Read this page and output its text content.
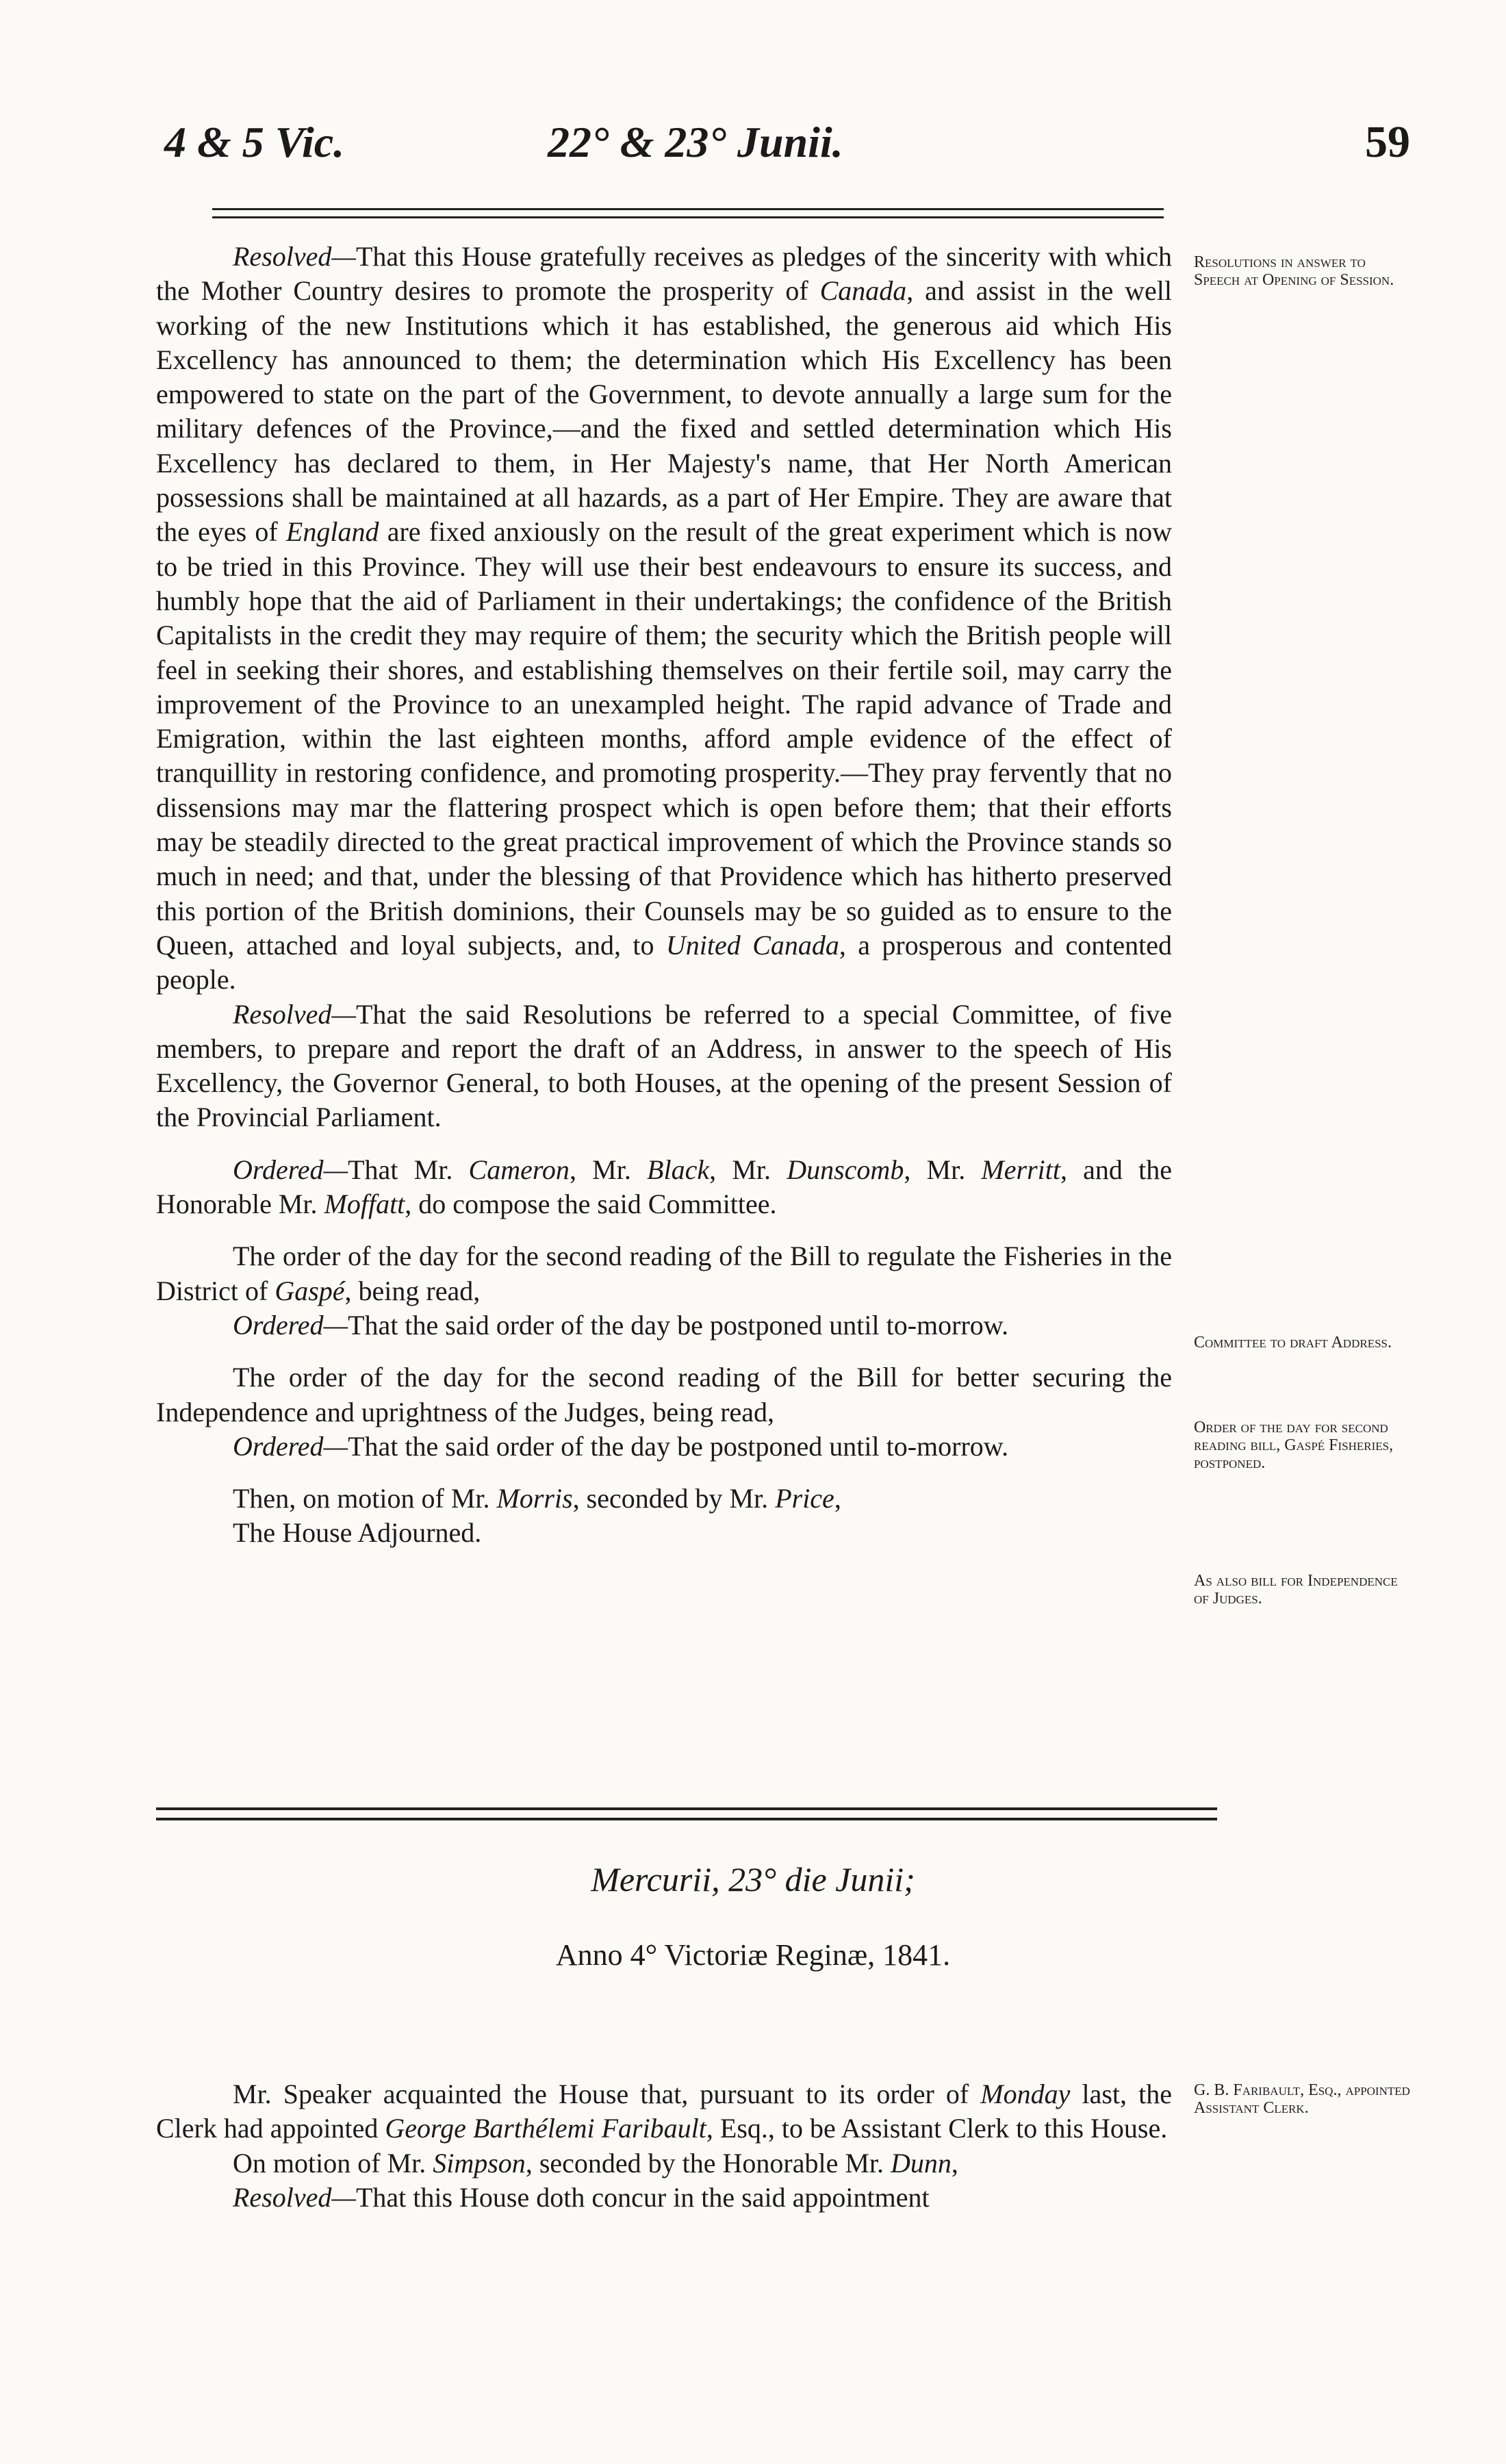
4 & 5 Vic.	22° & 23° Junii.	59

Resolved—That this House gratefully receives as pledges of the sincerity with which the Mother Country desires to promote the prosperity of Canada, and assist in the well working of the new Institutions which it has established, the generous aid which His Excellency has announced to them; the determination which His Excellency has been empowered to state on the part of the Government, to devote annually a large sum for the military defences of the Province,—and the fixed and settled determination which His Excellency has declared to them, in Her Majesty's name, that Her North American possessions shall be maintained at all hazards, as a part of Her Empire. They are aware that the eyes of England are fixed anxiously on the result of the great experiment which is now to be tried in this Province. They will use their best endeavours to ensure its success, and humbly hope that the aid of Parliament in their undertakings; the confidence of the British Capitalists in the credit they may require of them; the security which the British people will feel in seeking their shores, and establishing themselves on their fertile soil, may carry the improvement of the Province to an unexampled height. The rapid advance of Trade and Emigration, within the last eighteen months, afford ample evidence of the effect of tranquillity in restoring confidence, and promoting prosperity.—They pray fervently that no dissensions may mar the flattering prospect which is open before them; that their efforts may be steadily directed to the great practical improvement of which the Province stands so much in need; and that, under the blessing of that Providence which has hitherto preserved this portion of the British dominions, their Counsels may be so guided as to ensure to the Queen, attached and loyal subjects, and, to United Canada, a prosperous and contented people.

Resolved—That the said Resolutions be referred to a special Committee, of five members, to prepare and report the draft of an Address, in answer to the speech of His Excellency, the Governor General, to both Houses, at the opening of the present Session of the Provincial Parliament.

Ordered—That Mr. Cameron, Mr. Black, Mr. Dunscomb, Mr. Merritt, and the Honorable Mr. Moffatt, do compose the said Committee.

The order of the day for the second reading of the Bill to regulate the Fisheries in the District of Gaspé, being read,

Ordered—That the said order of the day be postponed until to-morrow.

The order of the day for the second reading of the Bill for better securing the Independence and uprightness of the Judges, being read,

Ordered—That the said order of the day be postponed until to-morrow.

Then, on motion of Mr. Morris, seconded by Mr. Price,

The House Adjourned.

Resolutions in answer to Speech at Opening of Session.
Committee to draft Address.
Order of the day for second reading bill, Gaspé Fisheries, postponed.
As also bill for Independence of Judges.
G. B. Faribault, Esq., appointed Assistant Clerk.
Mercurii, 23° die Junii;
Anno 4° Victoriæ Reginæ, 1841.

Mr. Speaker acquainted the House that, pursuant to its order of Monday last, the Clerk had appointed George Barthélemi Faribault, Esq., to be Assistant Clerk to this House.

On motion of Mr. Simpson, seconded by the Honorable Mr. Dunn,

Resolved—That this House doth concur in the said appointment
